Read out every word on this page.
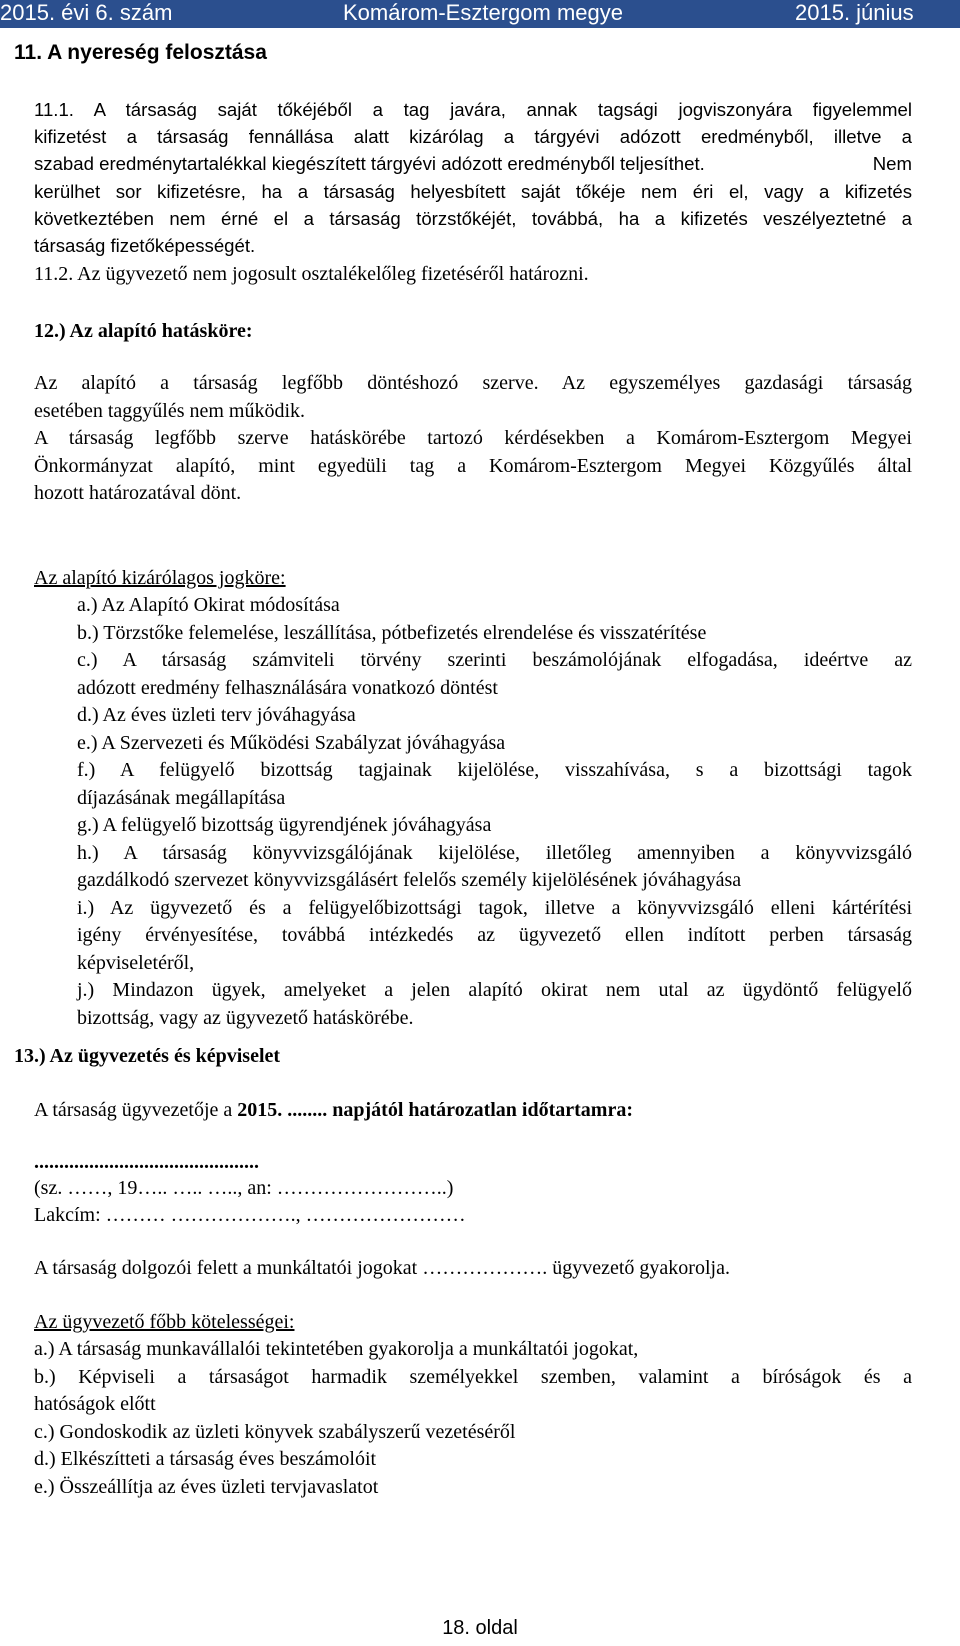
2015. évi 6. szám	Komárom-Esztergom megye	2015. június
11. A nyereség felosztása
11.1. A társaság saját tőkéjéből a tag javára, annak tagsági jogviszonyára figyelemmel
kifizetést a társaság fennállása alatt kizárólag a tárgyévi adózott eredményből, illetve a
szabad eredménytartalékkal kiegészített tárgyévi adózott eredményből teljesíthet.	Nem
kerülhet sor kifizetésre, ha a társaság helyesbített saját tőkéje nem éri el, vagy a kifizetés
következtében nem érné el a társaság törzstőkéjét, továbbá, ha a kifizetés veszélyeztetné a
társaság fizetőképességét.
11.2. Az ügyvezető nem jogosult osztalékelőleg fizetéséről határozni.
12.) Az alapító hatásköre:
Az alapító a társaság legfőbb döntéshozó szerve. Az egyszemélyes gazdasági társaság
esetében taggyűlés nem működik.
A társaság legfőbb szerve hatáskörébe tartozó kérdésekben a Komárom-Esztergom Megyei
Önkormányzat alapító, mint egyedüli tag a Komárom-Esztergom Megyei Közgyűlés által
hozott határozatával dönt.
Az alapító kizárólagos jogköre:
a.) Az Alapító Okirat módosítása
b.) Törzstőke felemelése, leszállítása, pótbefizetés elrendelése és visszatérítése
c.) A társaság számviteli törvény szerinti beszámolójának elfogadása, ideértve az
adózott eredmény felhasználására vonatkozó döntést
d.) Az éves üzleti terv jóváhagyása
e.) A Szervezeti és Működési Szabályzat jóváhagyása
f.) A felügyelő bizottság tagjainak kijelölése, visszahívása, s a bizottsági tagok
díjazásának megállapítása
g.) A felügyelő bizottság ügyrendjének jóváhagyása
h.) A társaság könyvvizsgálójának kijelölése, illetőleg amennyiben a könyvvizsgáló
gazdálkodó szervezet könyvvizsgálásért felelős személy kijelölésének jóváhagyása
i.) Az ügyvezető és a felügyelőbizottsági tagok, illetve a könyvvizsgáló elleni kártérítési
igény érvényesítése, továbbá intézkedés az ügyvezető ellen indított perben társaság
képviseletéről,
j.) Mindazon ügyek, amelyeket a jelen alapító okirat nem utal az ügydöntő felügyelő
bizottság, vagy az ügyvezető hatáskörébe.
13.) Az ügyvezetés és képviselet
A társaság ügyvezetője a 2015. ........ napjától határozatlan időtartamra:
.............................................
(sz. ……, 19….. ….. ….., an: ……………………..)
Lakcím: ……… ………………., ……………………
A társaság dolgozói felett a munkáltatói jogokat ………………. ügyvezető gyakorolja.
Az ügyvezető főbb kötelességei:
a.) A társaság munkavállalói tekintetében gyakorolja a munkáltatói jogokat,
b.) Képviseli a társaságot harmadik személyekkel szemben, valamint a bíróságok és a
hatóságok előtt
c.) Gondoskodik az üzleti könyvek szabályszerű vezetéséről
d.) Elkészítteti a társaság éves beszámolóit
e.) Összeállítja az éves üzleti tervjavaslatot
18. oldal
